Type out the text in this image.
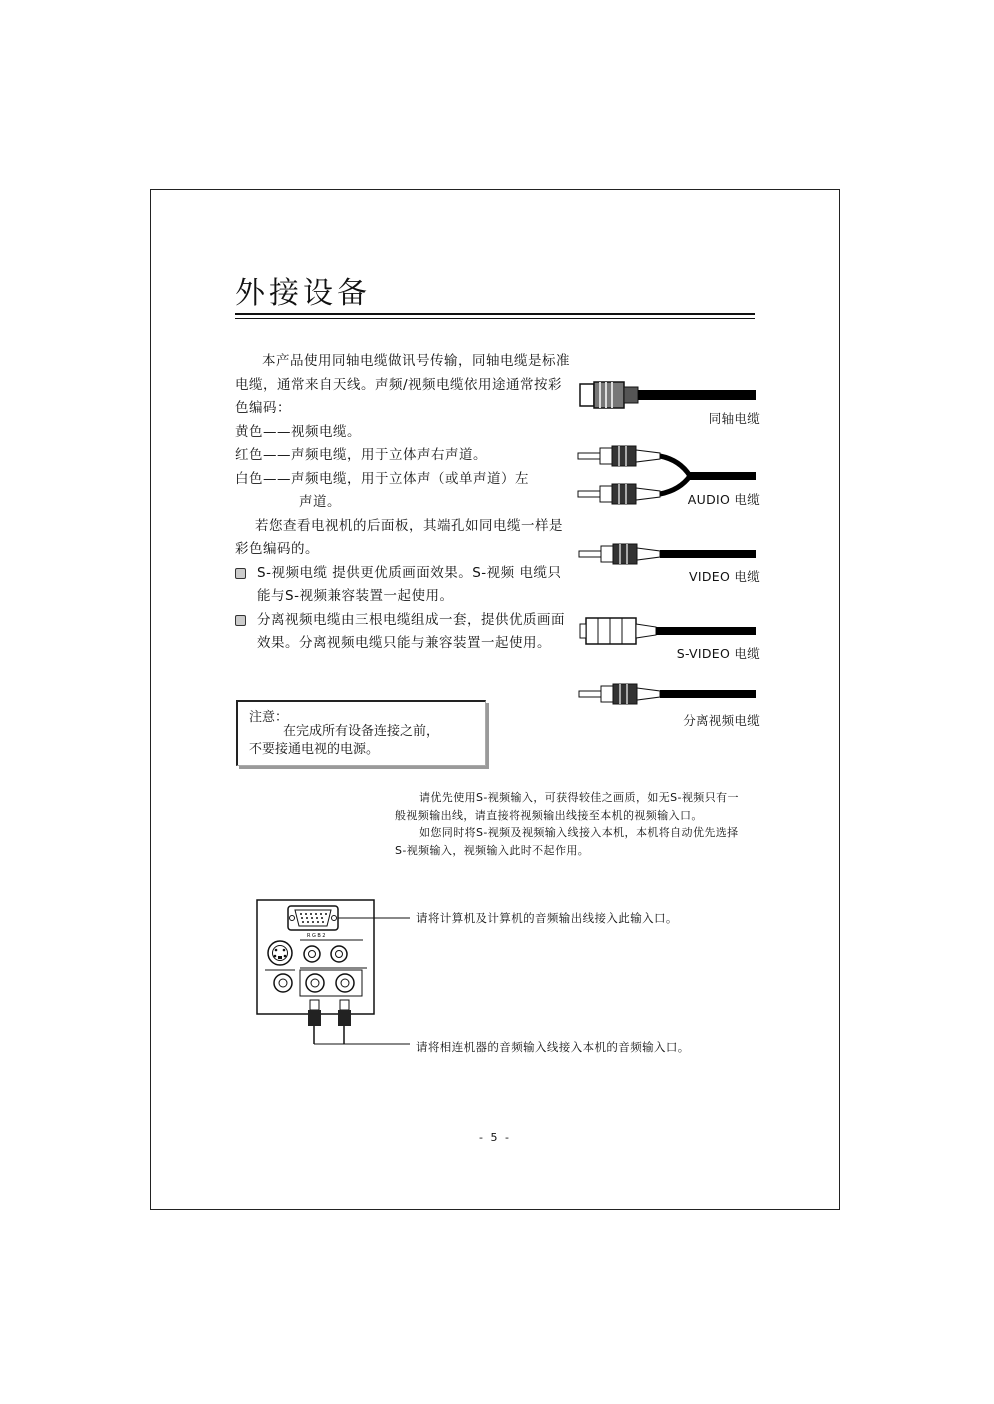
外接设备

本产品使用同轴电缆做讯号传输，同轴电缆是标准电缆，通常来自天线。声频/视频电缆依用途通常按彩色编码：

黄色——视频电缆。

红色——声频电缆，用于立体声右声道。

白色——声频电缆，用于立体声（或单声道）左

声道。

若您查看电视机的后面板，其端孔如同电缆一样是彩色编码的。

S-视频电缆 提供更优质画面效果。S-视频 电缆只能与S-视频兼容装置一起使用。

分离视频电缆由三根电缆组成一套，提供优质画面效果。分离视频电缆只能与兼容装置一起使用。

同轴电缆
AUDIO 电缆
VIDEO 电缆
S-VIDEO 电缆
分离视频电缆
注意：
在完成所有设备连接之前，
不要接通电视的电源。

请优先使用S-视频输入，可获得较佳之画质，如无S-视频只有一般视频输出线，请直接将视频输出线接至本机的视频输入口。

如您同时将S-视频及视频输入线接入本机，本机将自动优先选择S-视频输入，视频输入此时不起作用。

RGB2
请将计算机及计算机的音频输出线接入此输入口。
请将相连机器的音频输入线接入本机的音频输入口。
- 5 -
